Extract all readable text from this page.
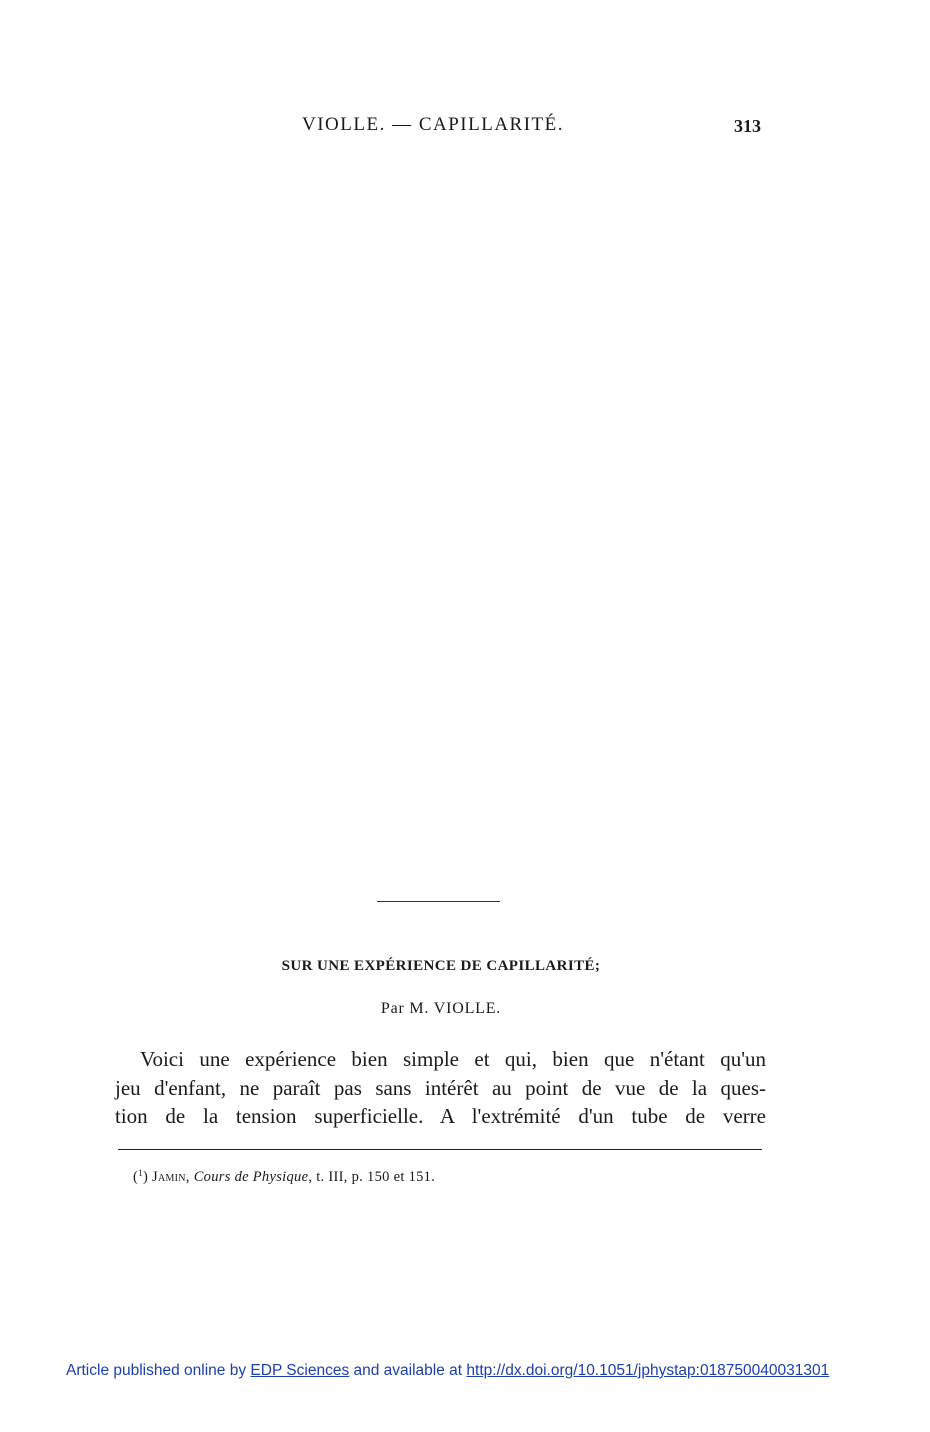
VIOLLE. — CAPILLARITÉ.	313
SUR UNE EXPÉRIENCE DE CAPILLARITÉ;
Par M. VIOLLE.
Voici une expérience bien simple et qui, bien que n'étant qu'un
jeu d'enfant, ne paraît pas sans intérêt au point de vue de la ques-
tion de la tension superficielle. A l'extrémité d'un tube de verre
($^1$) Jamin, Cours de Physique, t. III, p. 150 et 151.
Article published online by EDP Sciences and available at http://dx.doi.org/10.1051/jphystap:018750040031301
